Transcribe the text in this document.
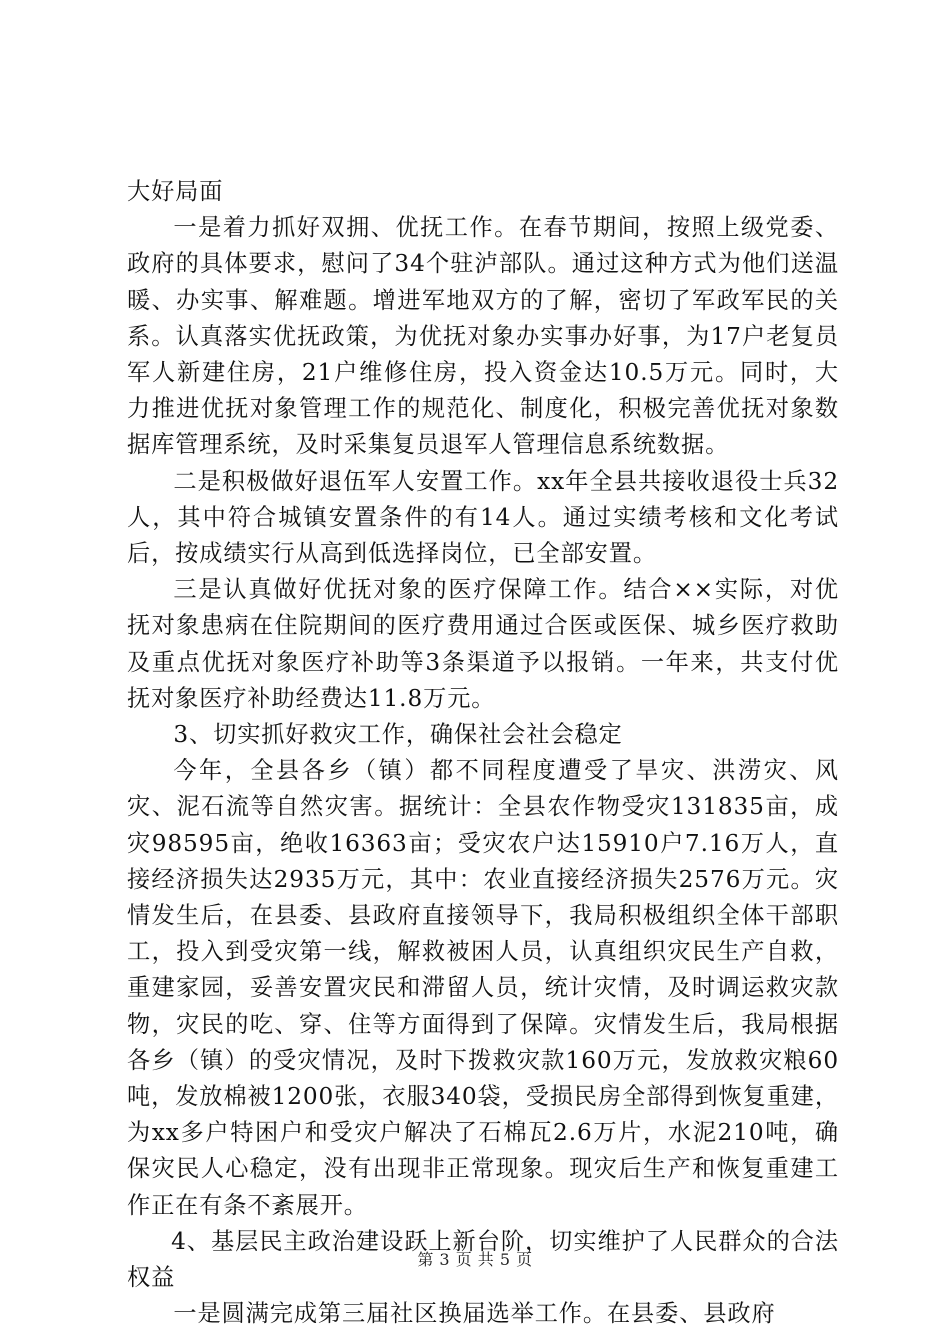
大好局面

一是着力抓好双拥、优抚工作。在春节期间，按照上级党委、政府的具体要求，慰问了34个驻泸部队。通过这种方式为他们送温暖、办实事、解难题。增进军地双方的了解，密切了军政军民的关系。认真落实优抚政策，为优抚对象办实事办好事，为17户老复员军人新建住房，21户维修住房，投入资金达10.5万元。同时，大力推进优抚对象管理工作的规范化、制度化，积极完善优抚对象数据库管理系统，及时采集复员退军人管理信息系统数据。

二是积极做好退伍军人安置工作。xx年全县共接收退役士兵32人，其中符合城镇安置条件的有14人。通过实绩考核和文化考试后，按成绩实行从高到低选择岗位，已全部安置。

三是认真做好优抚对象的医疗保障工作。结合××实际，对优抚对象患病在住院期间的医疗费用通过合医或医保、城乡医疗救助及重点优抚对象医疗补助等3条渠道予以报销。一年来，共支付优抚对象医疗补助经费达11.8万元。

3、切实抓好救灾工作，确保社会社会稳定

今年，全县各乡（镇）都不同程度遭受了旱灾、洪涝灾、风灾、泥石流等自然灾害。据统计：全县农作物受灾131835亩，成灾98595亩，绝收16363亩；受灾农户达15910户7.16万人，直接经济损失达2935万元，其中：农业直接经济损失2576万元。灾情发生后，在县委、县政府直接领导下，我局积极组织全体干部职工，投入到受灾第一线，解救被困人员，认真组织灾民生产自救，重建家园，妥善安置灾民和滞留人员，统计灾情，及时调运救灾款物，灾民的吃、穿、住等方面得到了保障。灾情发生后，我局根据各乡（镇）的受灾情况，及时下拨救灾款160万元，发放救灾粮60吨，发放棉被1200张，衣服340袋，受损民房全部得到恢复重建，为xx多户特困户和受灾户解决了石棉瓦2.6万片，水泥210吨，确保灾民人心稳定，没有出现非正常现象。现灾后生产和恢复重建工作正在有条不紊展开。

4、基层民主政治建设跃上新台阶，切实维护了人民群众的合法权益

一是圆满完成第三届社区换届选举工作。在县委、县政府

第 3 页 共 5 页
